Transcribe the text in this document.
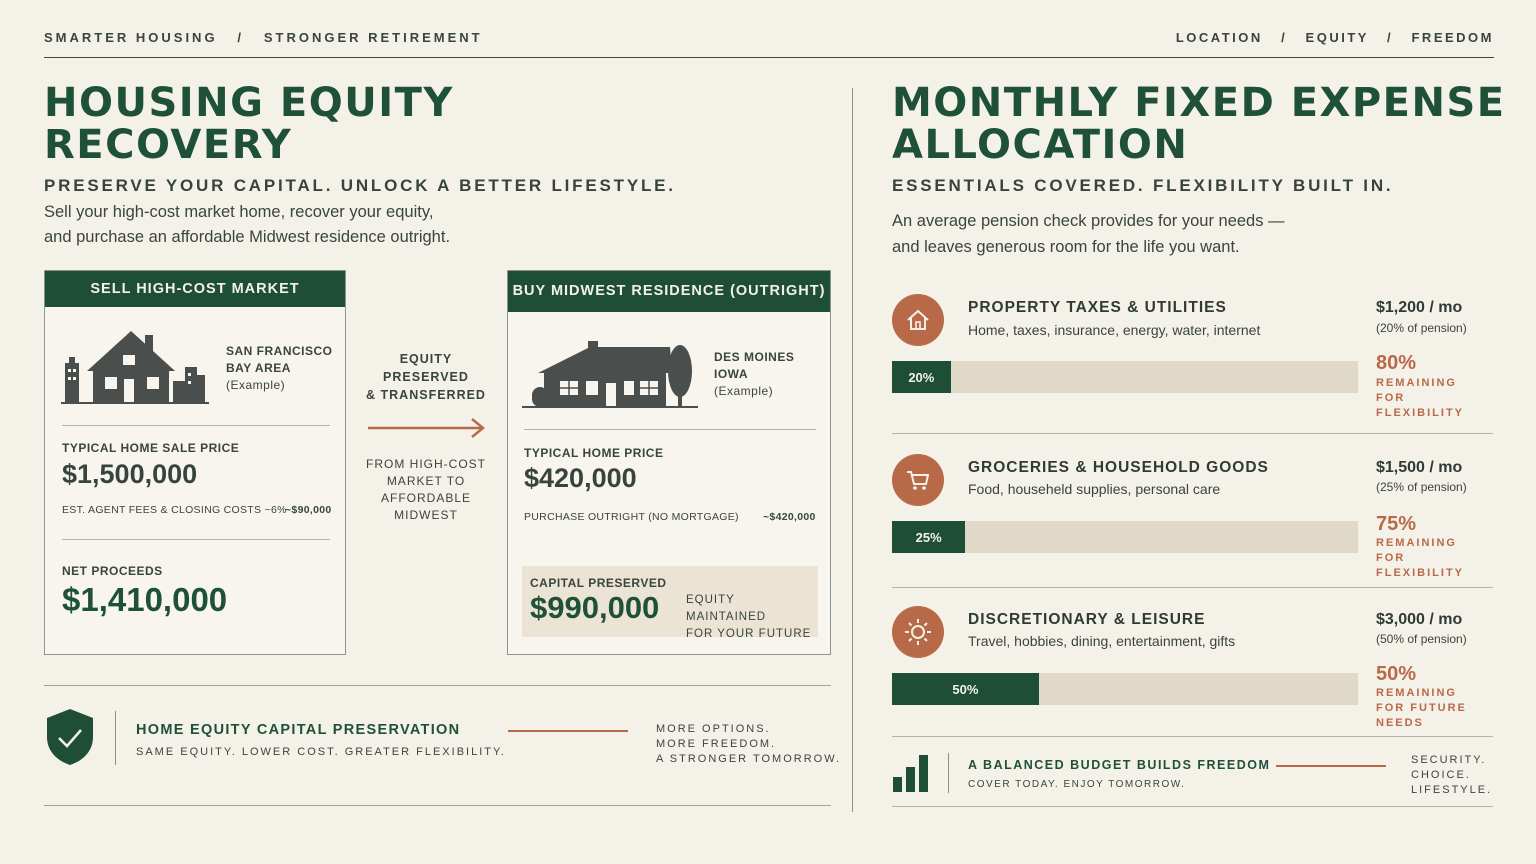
SMARTER HOUSING   /   STRONGER RETIREMENT	LOCATION   /   EQUITY   /   FREEDOM
HOUSING EQUITY
RECOVERY
PRESERVE YOUR CAPITAL. UNLOCK A BETTER LIFESTYLE.
Sell your high-cost market home, recover your equity,
and purchase an affordable Midwest residence outright.
SELL HIGH-COST MARKET
SAN FRANCISCO
BAY AREA
(Example)
TYPICAL HOME SALE PRICE
$1,500,000
EST. AGENT FEES & CLOSING COSTS ~6%
~$90,000
NET PROCEEDS
$1,410,000
EQUITY
PRESERVED
& TRANSFERRED
FROM HIGH-COST
MARKET TO
AFFORDABLE
MIDWEST
BUY MIDWEST RESIDENCE (OUTRIGHT)
DES MOINES
IOWA
(Example)
TYPICAL HOME PRICE
$420,000
PURCHASE OUTRIGHT (NO MORTGAGE) ~$420,000
CAPITAL PRESERVED
$990,000 EQUITY MAINTAINED
FOR YOUR FUTURE
HOME EQUITY CAPITAL PRESERVATION
SAME EQUITY. LOWER COST. GREATER FLEXIBILITY.
MORE OPTIONS.
MORE FREEDOM.
A STRONGER TOMORROW.
MONTHLY FIXED EXPENSE
ALLOCATION
ESSENTIALS COVERED. FLEXIBILITY BUILT IN.
An average pension check provides for your needs —
and leaves generous room for the life you want.
PROPERTY TAXES & UTILITIES
Home, taxes, insurance, energy, water, internet
$1,200 / mo
(20% of pension)
20%
80%
REMAINING
FOR FLEXIBILITY
GROCERIES & HOUSEHOLD GOODS
Food, househeld supplies, personal care
$1,500 / mo
(25% of pension)
25%
75%
REMAINING
FOR FLEXIBILITY
DISCRETIONARY & LEISURE
Travel, hobbies, dining, entertainment, gifts
$3,000 / mo
(50% of pension)
50%
50%
REMAINING
FOR FUTURE NEEDS
A BALANCED BUDGET BUILDS FREEDOM
COVER TODAY. ENJOY TOMORROW.
SECURITY.
CHOICE.
LIFESTYLE.
